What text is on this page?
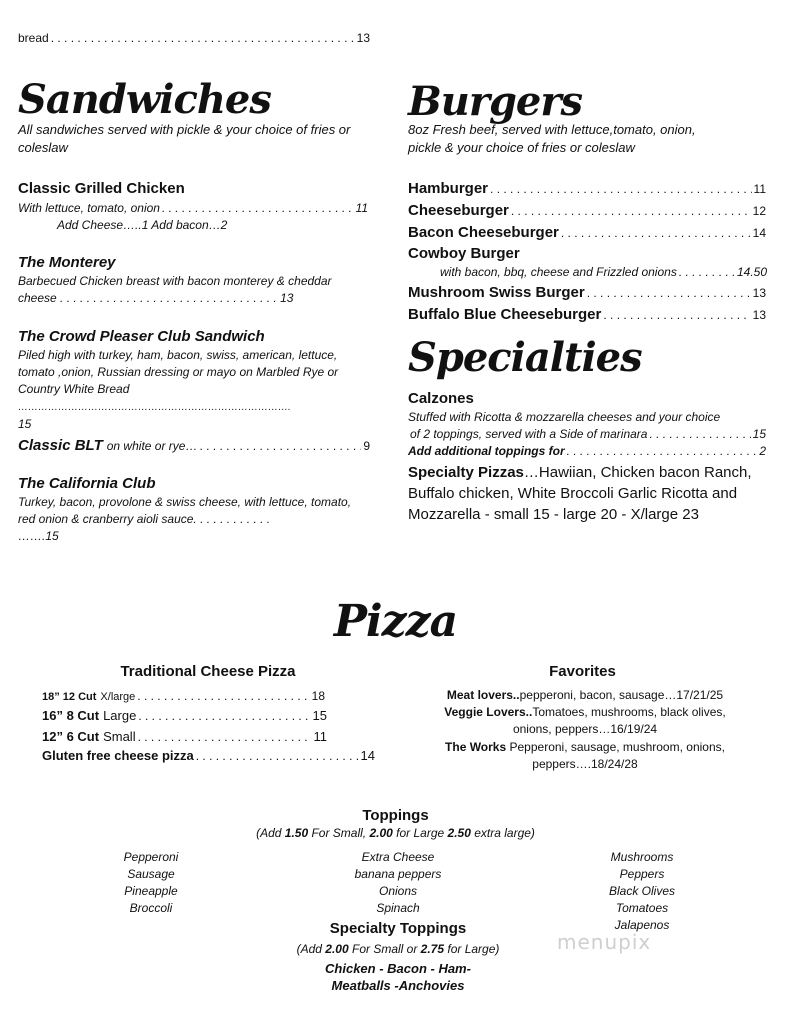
bread . . .	13
Sandwiches
All sandwiches served with pickle & your choice of fries or coleslaw
Classic Grilled Chicken
With lettuce, tomato, onion . . .	11
Add Cheese…..1 Add bacon…2
The Monterey
Barbecued Chicken breast with bacon monterey & cheddar cheese . . . . . . . . . . . . . . . . . . . . . . . . . . . . . . . . . 13
The Crowd Pleaser Club Sandwich
Piled high with turkey, ham, bacon, swiss, american, lettuce, tomato ,onion, Russian dressing or mayo on Marbled Rye or Country White Bread ……………………………………………………………………….
15
Classic BLT on white or rye… . . .	9
The California Club
Turkey, bacon, provolone & swiss cheese, with lettuce, tomato, red onion & cranberry aioli sauce. . . . . . . . . . . .
…….15
Burgers
8oz Fresh beef, served with lettuce,tomato, onion, pickle & your choice of fries or coleslaw
Hamburger . . .	11
Cheeseburger . . .	12
Bacon Cheeseburger . . .	14
Cowboy Burger
with bacon, bbq, cheese and Frizzled onions . . .	14.50
Mushroom Swiss Burger . . .	13
Buffalo Blue Cheeseburger . . .	13
Specialties
Calzones
Stuffed with Ricotta & mozzarella cheeses and your choice
of 2 toppings, served with a Side of marinara . . .	15
Add additional toppings for . . .	2
Specialty Pizzas…Hawiian, Chicken bacon Ranch, Buffalo chicken, White Broccoli Garlic Ricotta and Mozzarella - small 15 - large 20 - X/large 23
Pizza
Traditional Cheese Pizza
18” 12 Cut X/large . . .	18
16” 8 Cut Large . . .	15
12” 6 Cut Small . . .	11
Gluten free cheese pizza . . .	14
Favorites
Meat lovers..pepperoni, bacon, sausage…17/21/25
Veggie Lovers..Tomatoes, mushrooms, black olives, onions, peppers…16/19/24
The Works Pepperoni, sausage, mushroom, onions, peppers….18/24/28
Toppings
(Add 1.50 For Small, 2.00 for Large 2.50 extra large)
Pepperoni
Sausage
Pineapple
Broccoli
Extra Cheese
banana peppers
Onions
Spinach
Mushrooms
Peppers
Black Olives
Tomatoes
Jalapenos
Specialty Toppings
(Add 2.00 For Small or 2.75 for Large)
Chicken - Bacon - Ham-
Meatballs -Anchovies
menupix
